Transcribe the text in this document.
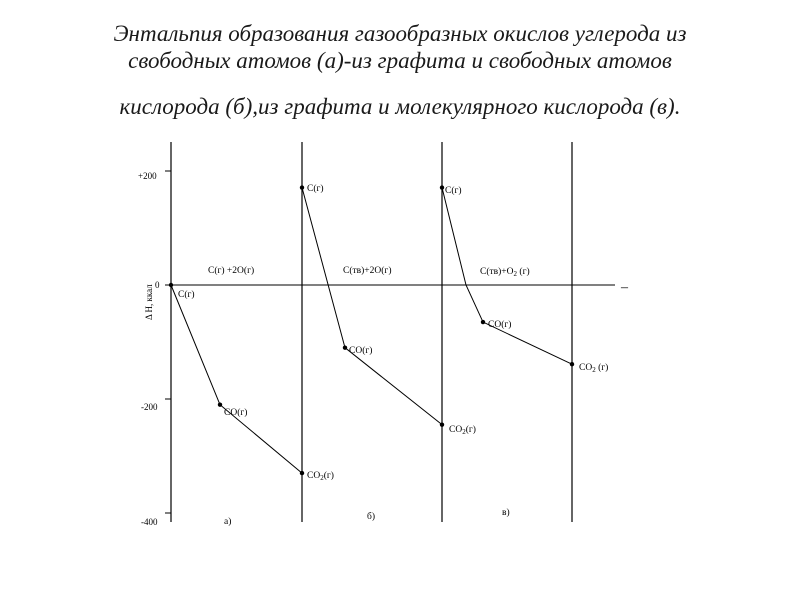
Энтальпия образования газообразных окислов углерода из
свободных атомов (а)-из графита и свободных атомов
кислорода (б),из графита и молекулярного кислорода (в).
+200
0
-200
-400
Δ H, ккал	–
C(г) +2O(г)	C(тв)+2O(г)	$C(тв)+O_2$ (г)
а)	б)	в)
C(г)
CO(г)
$CO_2(г)$
C(г)
CO(г)
$CO_2(г)$
C(г)
CO(г)
$CO_2$ (г)
